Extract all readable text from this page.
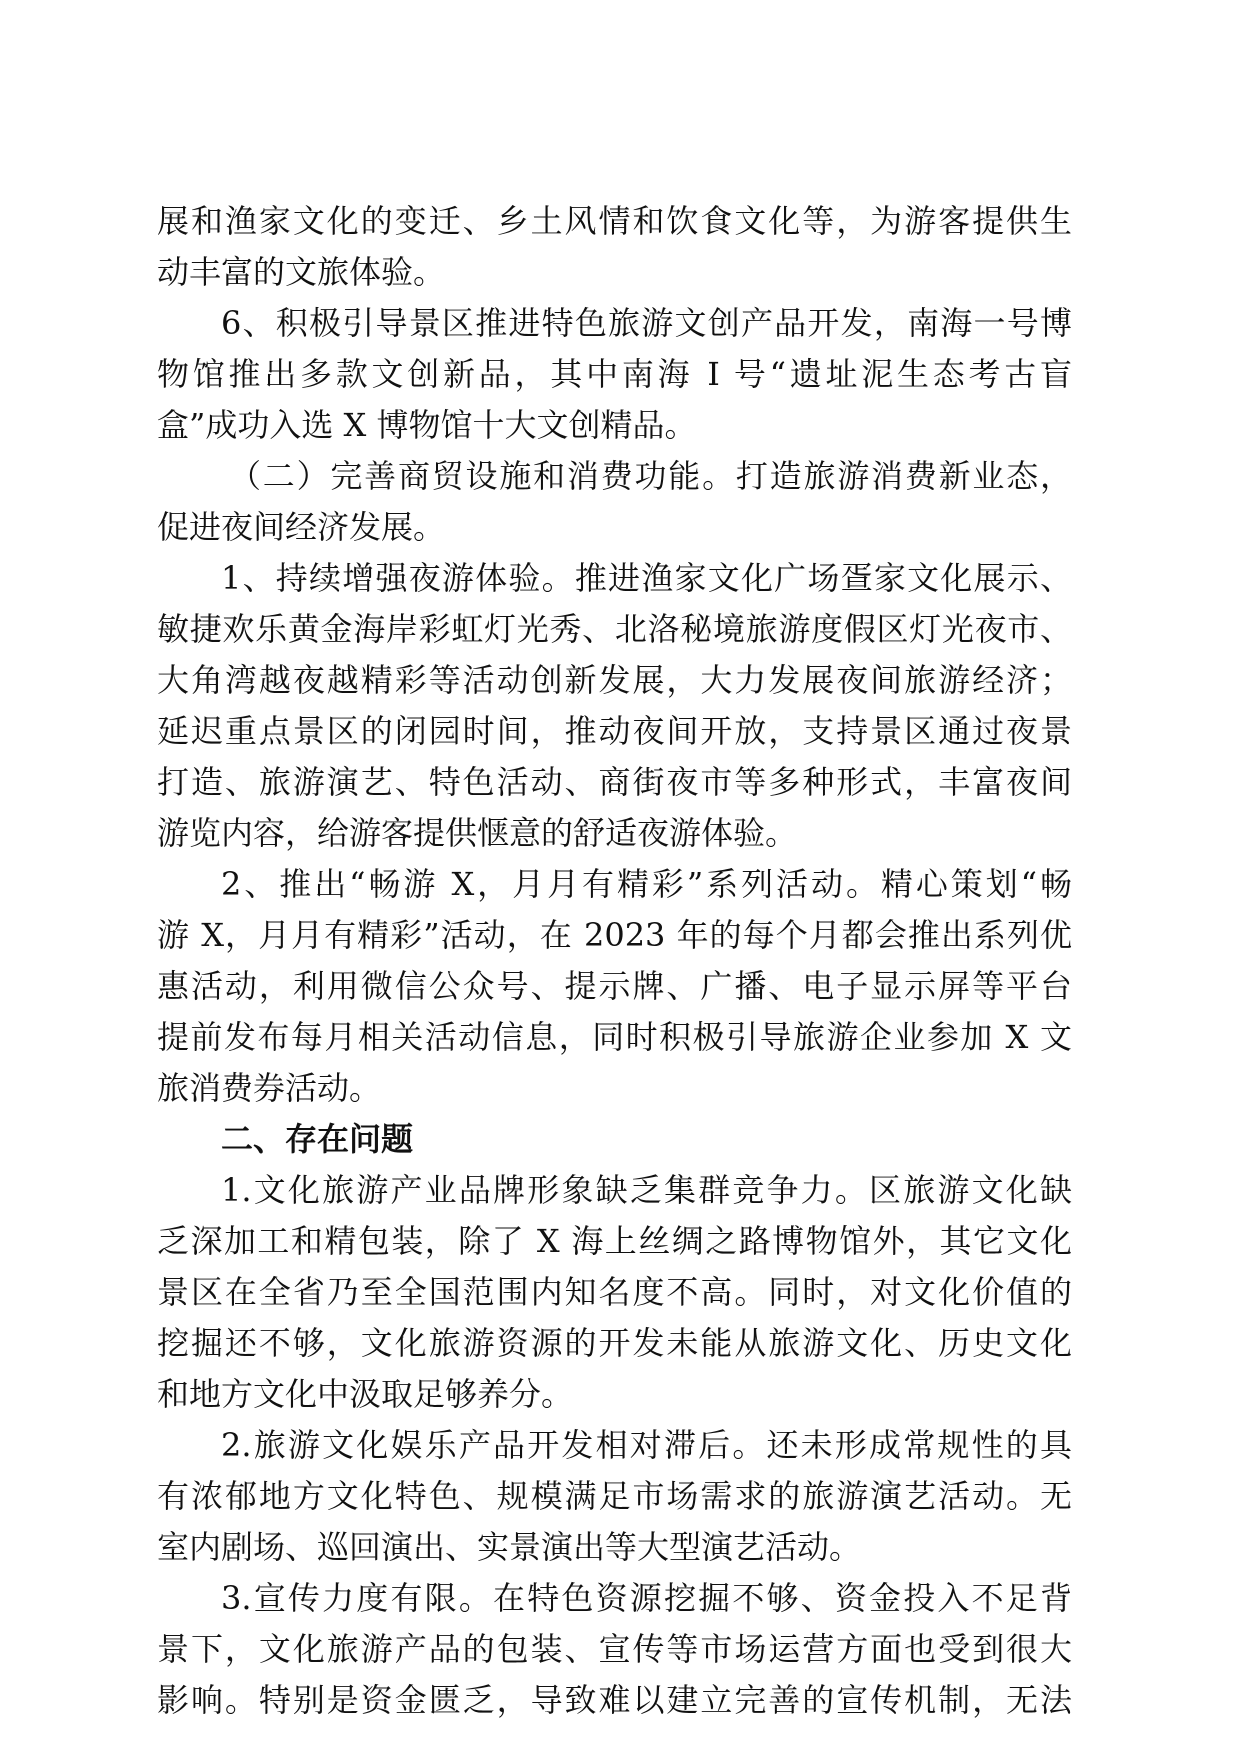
展和渔家文化的变迁、乡土风情和饮食文化等，为游客提供生
动丰富的文旅体验。
6、积极引导景区推进特色旅游文创产品开发，南海一号博
物馆推出多款文创新品，其中南海 I 号“遗址泥生态考古盲
盒”成功入选 X 博物馆十大文创精品。
（二）完善商贸设施和消费功能。打造旅游消费新业态，
促进夜间经济发展。
1、持续增强夜游体验。推进渔家文化广场疍家文化展示、
敏捷欢乐黄金海岸彩虹灯光秀、北洛秘境旅游度假区灯光夜市、
大角湾越夜越精彩等活动创新发展，大力发展夜间旅游经济；
延迟重点景区的闭园时间，推动夜间开放，支持景区通过夜景
打造、旅游演艺、特色活动、商街夜市等多种形式，丰富夜间
游览内容，给游客提供惬意的舒适夜游体验。
2、推出“畅游 X，月月有精彩”系列活动。精心策划“畅
游 X，月月有精彩”活动，在 2023 年的每个月都会推出系列优
惠活动，利用微信公众号、提示牌、广播、电子显示屏等平台
提前发布每月相关活动信息，同时积极引导旅游企业参加 X 文
旅消费券活动。
二、存在问题
1.文化旅游产业品牌形象缺乏集群竞争力。区旅游文化缺
乏深加工和精包装，除了 X 海上丝绸之路博物馆外，其它文化
景区在全省乃至全国范围内知名度不高。同时，对文化价值的
挖掘还不够，文化旅游资源的开发未能从旅游文化、历史文化
和地方文化中汲取足够养分。
2.旅游文化娱乐产品开发相对滞后。还未形成常规性的具
有浓郁地方文化特色、规模满足市场需求的旅游演艺活动。无
室内剧场、巡回演出、实景演出等大型演艺活动。
3.宣传力度有限。在特色资源挖掘不够、资金投入不足背
景下，文化旅游产品的包装、宣传等市场运营方面也受到很大
影响。特别是资金匮乏，导致难以建立完善的宣传机制，无法
